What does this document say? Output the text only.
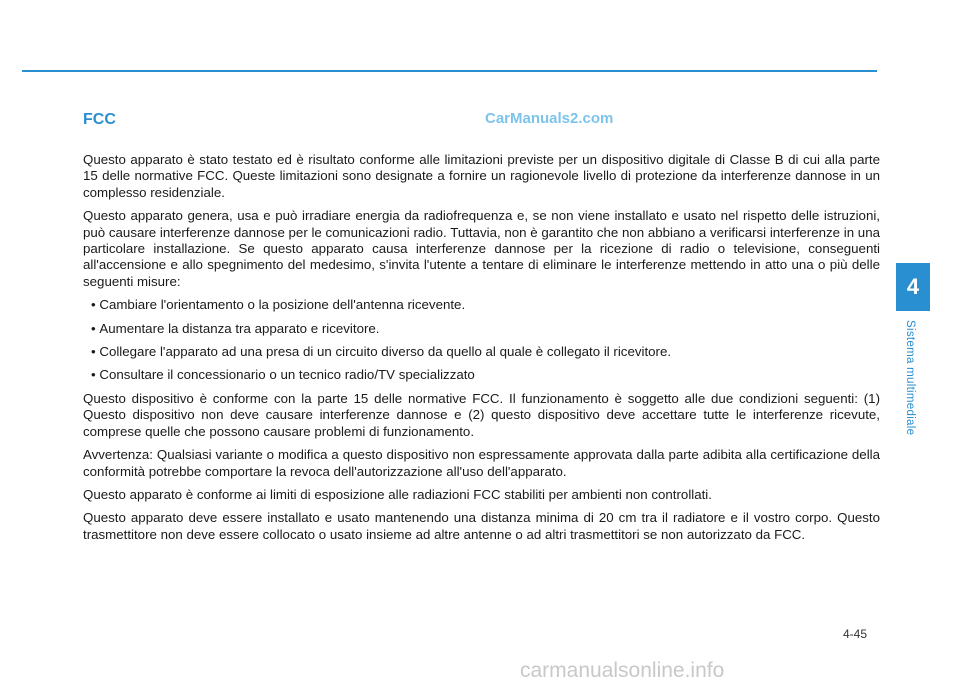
FCC	CarManuals2.com

Questo apparato è stato testato ed è risultato conforme alle limitazioni previste per un dispositivo digitale di Classe B di cui alla parte 15 delle normative FCC. Queste limitazioni sono designate a fornire un ragionevole livello di protezione da interferenze dannose in un complesso residenziale.

Questo apparato genera, usa e può irradiare energia da radiofrequenza e, se non viene installato e usato nel rispetto delle istruzioni, può causare interferenze dannose per le comunicazioni radio. Tuttavia, non è garantito che non abbiano a verificarsi interferenze in una particolare installazione. Se questo apparato causa interferenze dannose per la ricezione di radio o televisione, conseguenti all'accensione e allo spegnimento del medesimo, s'invita l'utente a tentare di eliminare le interferenze mettendo in atto una o più delle seguenti misure:

• Cambiare l'orientamento o la posizione dell'antenna ricevente.
• Aumentare la distanza tra apparato e ricevitore.
• Collegare l'apparato ad una presa di un circuito diverso da quello al quale è collegato il ricevitore.
• Consultare il concessionario o un tecnico radio/TV specializzato

Questo dispositivo è conforme con la parte 15 delle normative FCC. Il funzionamento è soggetto alle due condizioni seguenti: (1) Questo dispositivo non deve causare interferenze dannose e (2) questo dispositivo deve accettare tutte le interferenze ricevute, comprese quelle che possono causare problemi di funzionamento.

Avvertenza: Qualsiasi variante o modifica a questo dispositivo non espressamente approvata dalla parte adibita alla certificazione della conformità potrebbe comportare la revoca dell'autorizzazione all'uso dell'apparato.

Questo apparato è conforme ai limiti di esposizione alle radiazioni FCC stabiliti per ambienti non controllati.

Questo apparato deve essere installato e usato mantenendo una distanza minima di 20 cm tra il radiatore e il vostro corpo. Questo trasmettitore non deve essere collocato o usato insieme ad altre antenne o ad altri trasmettitori se non autorizzato da FCC.

4
Sistema multimediale
4-45
carmanualsonline.info
